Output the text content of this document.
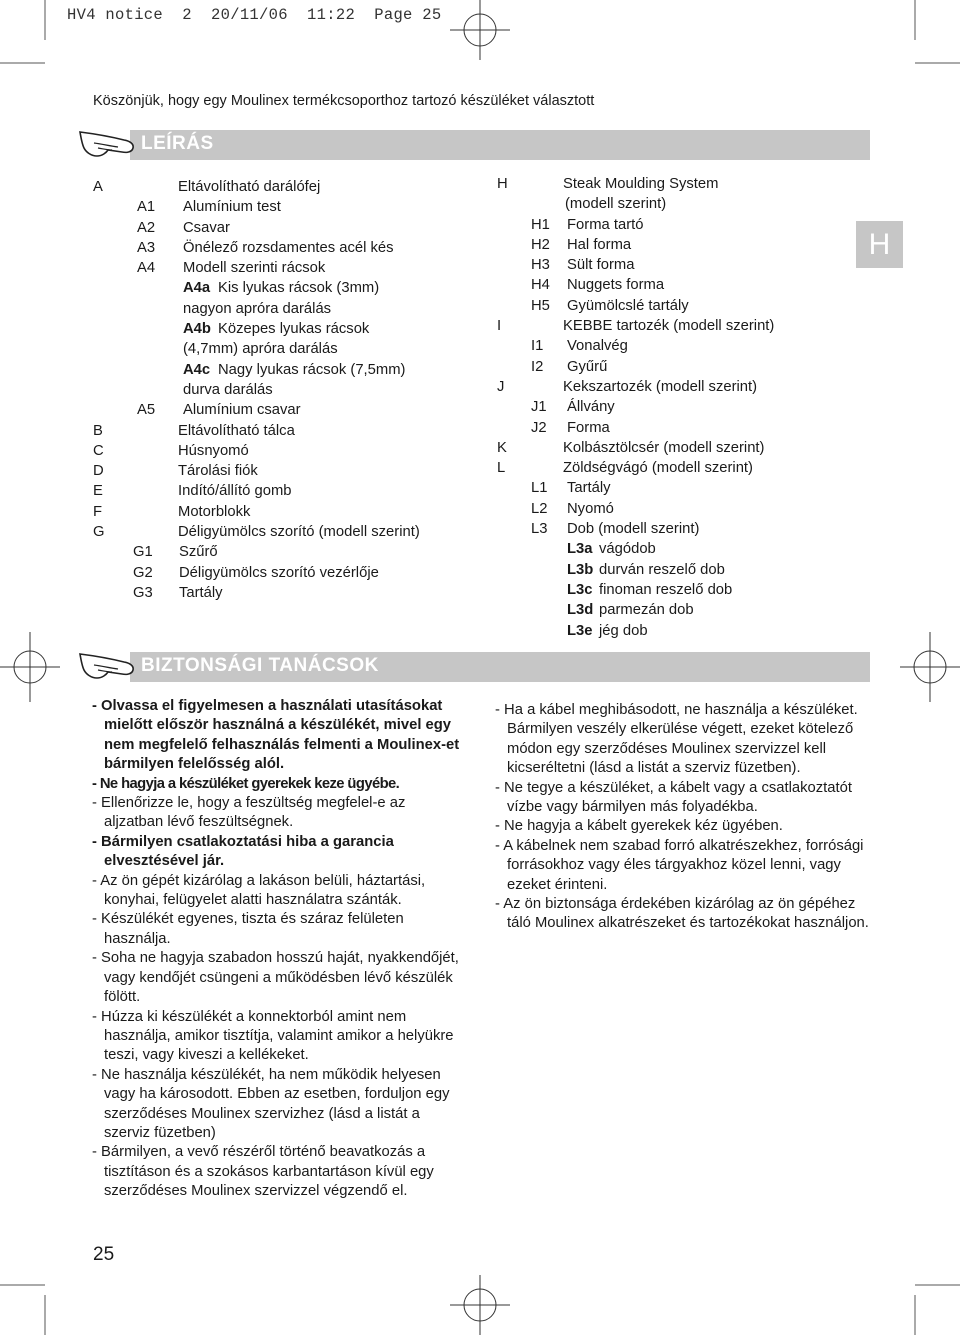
HV4 notice  2  20/11/06  11:22  Page 25
Köszönjük, hogy egy Moulinex termékcsoporthoz tartozó készüléket választott
LEÍRÁS
H
A	Eltávolítható darálófej
A1 Alumínium test
A2 Csavar
A3 Önélező rozsdamentes acél kés
A4 Modell szerinti rácsok
A4a Kis lyukas rácsok (3mm)
nagyon apróra darálás
A4b Közepes lyukas rácsok
(4,7mm) apróra darálás
A4c Nagy lyukas rácsok (7,5mm)
durva darálás
A5 Alumínium csavar
B	Eltávolítható tálca
C	Húsnyomó
D	Tárolási fiók
E	Indító/állító gomb
F	Motorblokk
G	Déligyümölcs szorító (modell szerint)
G1 Szűrő
G2 Déligyümölcs szorító vezérlője
G3 Tartály
H	Steak Moulding System
(modell szerint)
H1 Forma tartó
H2 Hal forma
H3 Sült forma
H4 Nuggets forma
H5 Gyümölcslé tartály
I	KEBBE tartozék (modell szerint)
I1 Vonalvég
I2 Gyűrű
J	Kekszartozék (modell szerint)
J1 Állvány
J2 Forma
K	Kolbásztölcsér (modell szerint)
L	Zöldségvágó (modell szerint)
L1 Tartály
L2 Nyomó
L3 Dob (modell szerint)
L3a vágódob
L3b durván reszelő dob
L3c finoman reszelő dob
L3d parmezán dob
L3e jég dob
BIZTONSÁGI TANÁCSOK
- Olvassa el figyelmesen a használati utasításokat mielőtt először használná a készülékét, mivel egy nem megfelelő felhasználás felmenti a Moulinex-et bármilyen felelősség alól.
- Ne hagyja a készüléket gyerekek keze ügyébe.
- Ellenőrizze le, hogy a feszültség megfelel-e az aljzatban lévő feszültségnek.
- Bármilyen csatlakoztatási hiba a garancia elvesztésével jár.
- Az ön gépét kizárólag a lakáson belüli, háztartási, konyhai, felügyelet alatti használatra szánták.
- Készülékét egyenes, tiszta és száraz felületen használja.
- Soha ne hagyja szabadon hosszú haját, nyakkendőjét, vagy kendőjét csüngeni a működésben lévő készülék fölött.
- Húzza ki készülékét a konnektorból amint nem használja, amikor tisztítja, valamint amikor a helyükre teszi, vagy kiveszi a kellékeket.
- Ne használja készülékét, ha nem működik helyesen vagy ha károsodott. Ebben az esetben, forduljon egy szerződéses Moulinex szervizhez (lásd a listát a szerviz füzetben)
- Bármilyen, a vevő részéről történő beavatkozás a tisztításon és a szokásos karbantartáson kívül egy szerződéses Moulinex szervizzel végzendő el.
- Ha a kábel meghibásodott, ne használja a készüléket. Bármilyen veszély elkerülése végett, ezeket kötelező módon egy szerződéses Moulinex szervizzel kell kicseréltetni (lásd a listát a szerviz füzetben).
- Ne tegye a készüléket, a kábelt vagy a csatlakoztatót vízbe vagy bármilyen más folyadékba.
- Ne hagyja a kábelt gyerekek kéz ügyében.
- A kábelnek nem szabad forró alkatrészekhez, forrósági forrásokhoz vagy éles tárgyakhoz közel lenni, vagy ezeket érinteni.
- Az ön biztonsága érdekében kizárólag az ön gépéhez táló Moulinex alkatrészeket és tartozékokat használjon.
25
